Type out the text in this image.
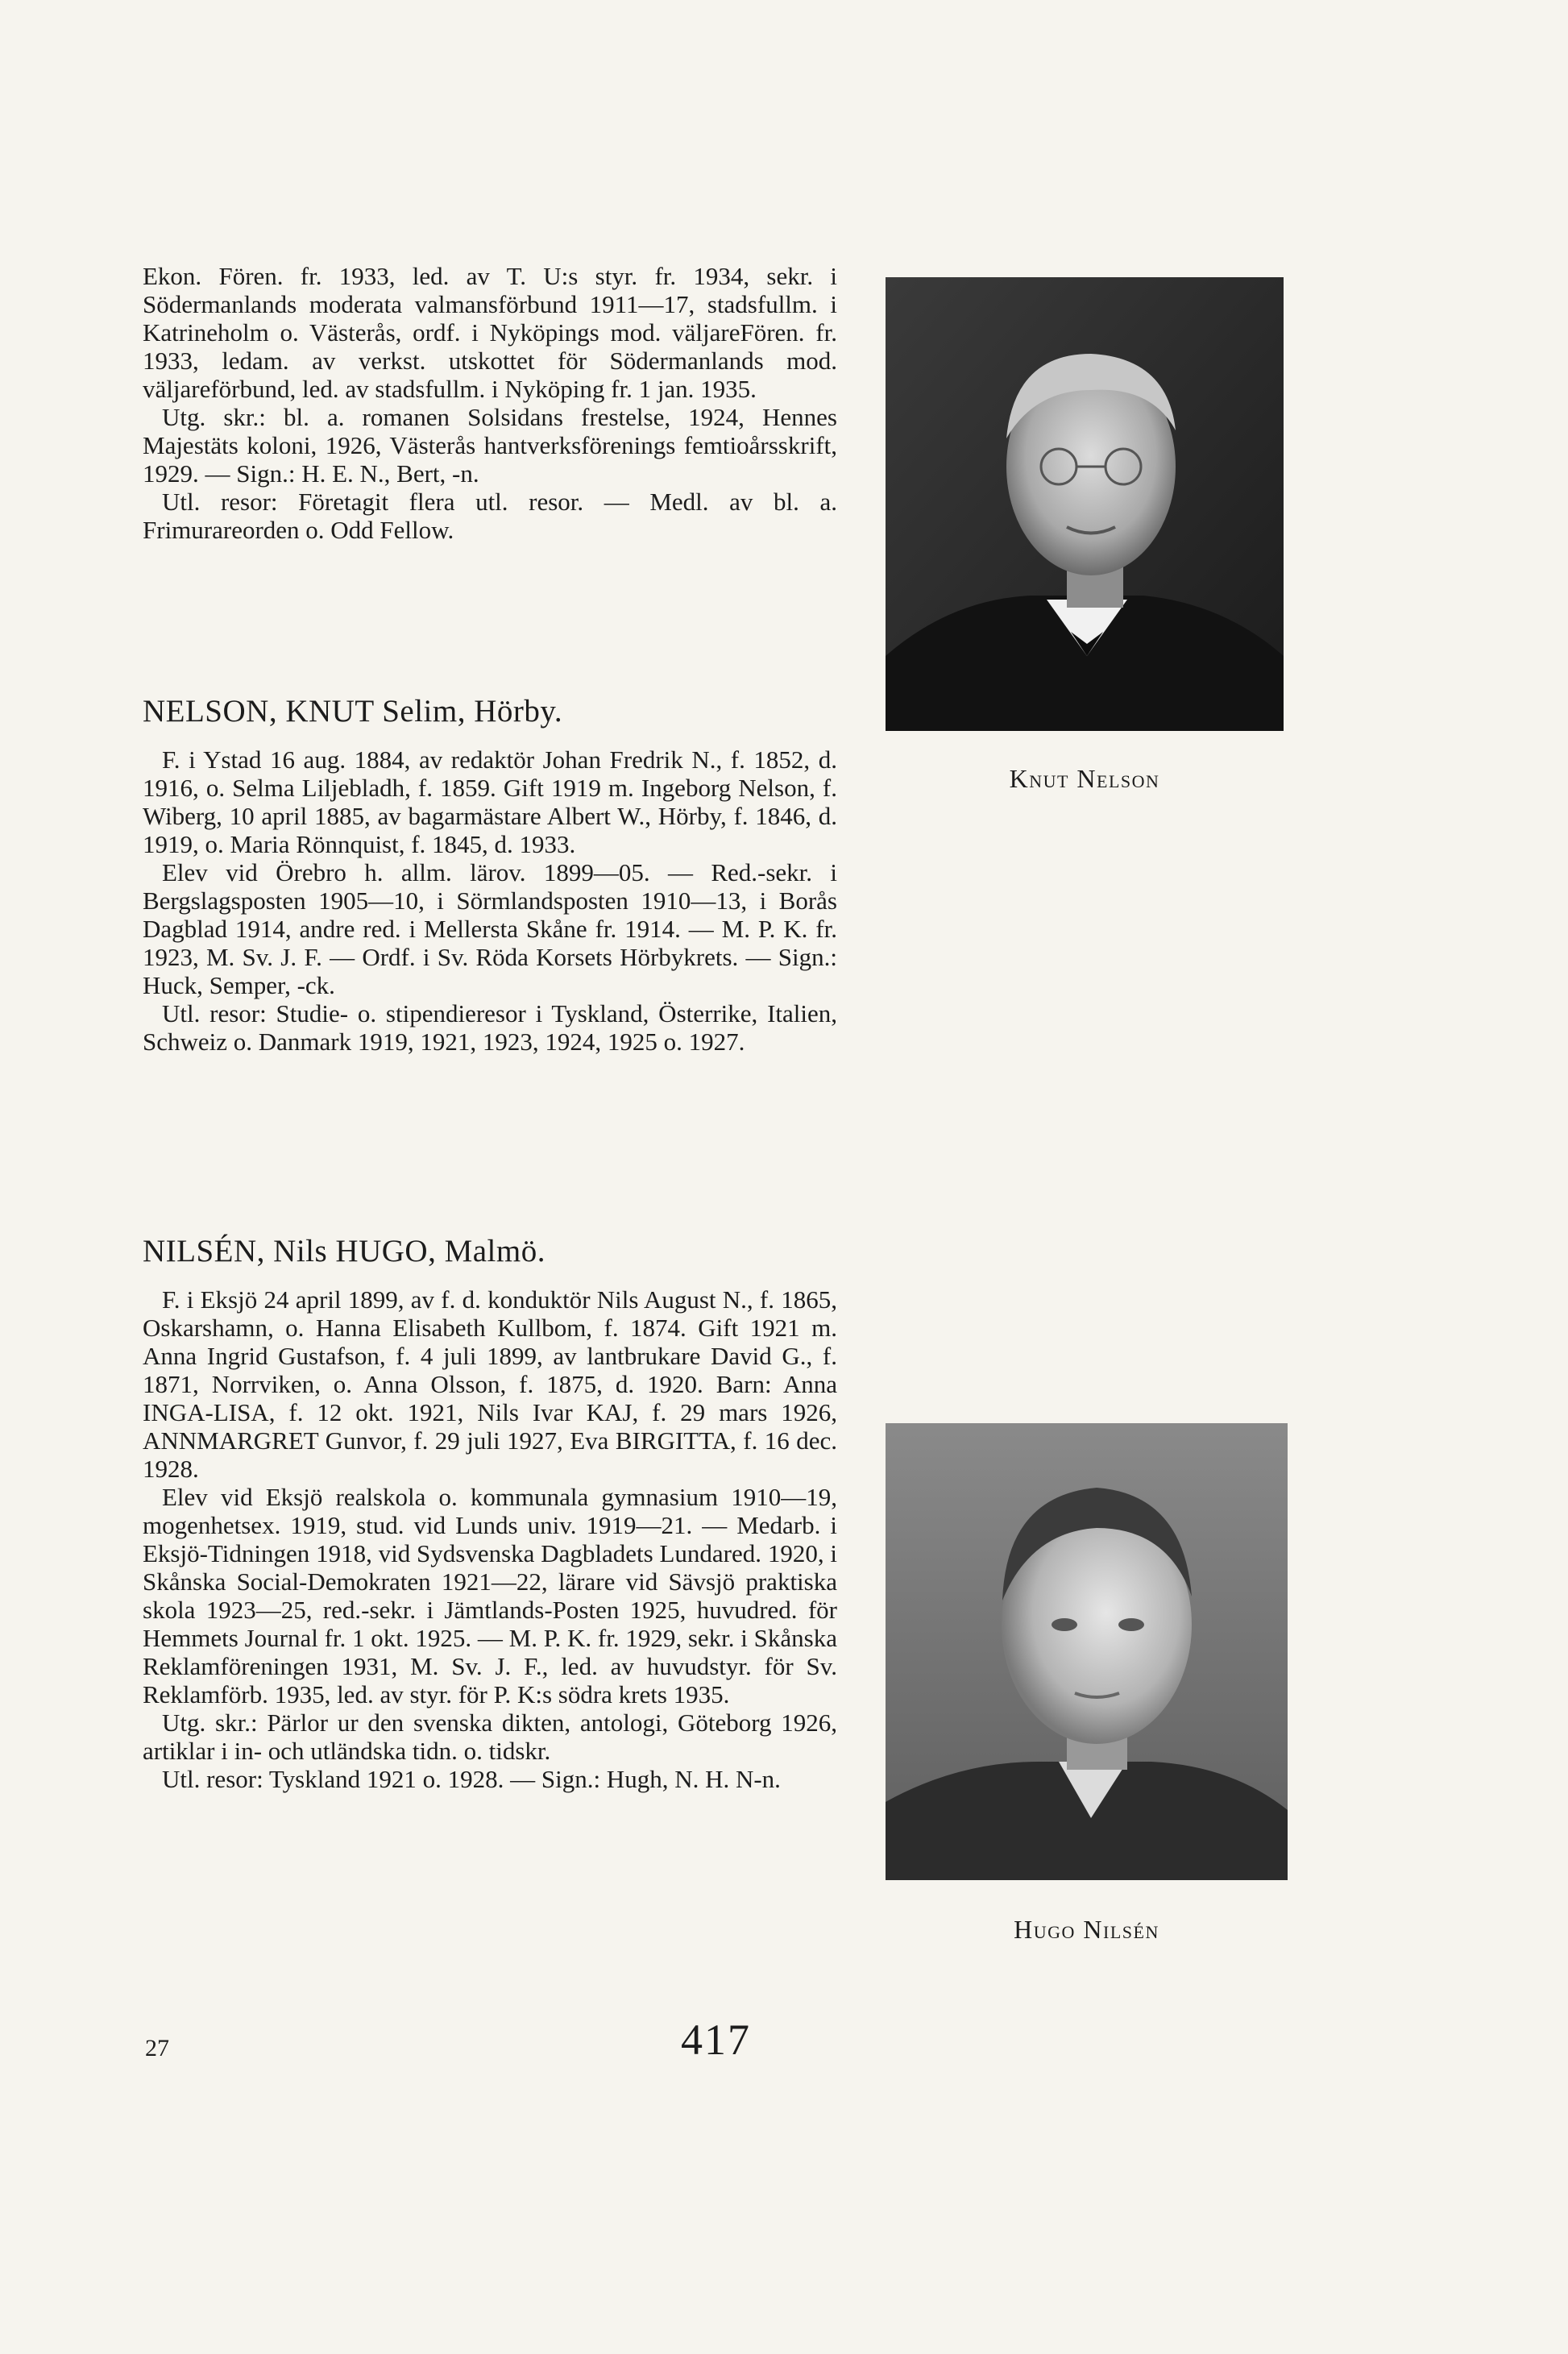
Ekon. Fören. fr. 1933, led. av T. U:s styr. fr. 1934, sekr. i Södermanlands moderata valmansförbund 1911—17, stadsfullm. i Katrineholm o. Västerås, ordf. i Nyköpings mod. väljareFören. fr. 1933, ledam. av verkst. utskottet för Södermanlands mod. väljareförbund, led. av stadsfullm. i Nyköping fr. 1 jan. 1935.

Utg. skr.: bl. a. romanen Solsidans frestelse, 1924, Hennes Majestäts koloni, 1926, Västerås hantverksförenings femtioårsskrift, 1929. — Sign.: H. E. N., Bert, -n.

Utl. resor: Företagit flera utl. resor. — Medl. av bl. a. Frimurareorden o. Odd Fellow.

Knut Nelson
NELSON, KNUT Selim, Hörby.

F. i Ystad 16 aug. 1884, av redaktör Johan Fredrik N., f. 1852, d. 1916, o. Selma Liljebladh, f. 1859. Gift 1919 m. Ingeborg Nelson, f. Wiberg, 10 april 1885, av bagarmästare Albert W., Hörby, f. 1846, d. 1919, o. Maria Rönnquist, f. 1845, d. 1933.

Elev vid Örebro h. allm. lärov. 1899—05. — Red.-sekr. i Bergslagsposten 1905—10, i Sörmlandsposten 1910—13, i Borås Dagblad 1914, andre red. i Mellersta Skåne fr. 1914. — M. P. K. fr. 1923, M. Sv. J. F. — Ordf. i Sv. Röda Korsets Hörbykrets. — Sign.: Huck, Semper, -ck.

Utl. resor: Studie- o. stipendieresor i Tyskland, Österrike, Italien, Schweiz o. Danmark 1919, 1921, 1923, 1924, 1925 o. 1927.

NILSÉN, Nils HUGO, Malmö.

F. i Eksjö 24 april 1899, av f. d. konduktör Nils August N., f. 1865, Oskarshamn, o. Hanna Elisabeth Kullbom, f. 1874. Gift 1921 m. Anna Ingrid Gustafson, f. 4 juli 1899, av lantbrukare David G., f. 1871, Norrviken, o. Anna Olsson, f. 1875, d. 1920. Barn: Anna INGA-LISA, f. 12 okt. 1921, Nils Ivar KAJ, f. 29 mars 1926, ANNMARGRET Gunvor, f. 29 juli 1927, Eva BIRGITTA, f. 16 dec. 1928.

Elev vid Eksjö realskola o. kommunala gymnasium 1910—19, mogenhetsex. 1919, stud. vid Lunds univ. 1919—21. — Medarb. i Eksjö-Tidningen 1918, vid Sydsvenska Dagbladets Lundared. 1920, i Skånska Social-Demokraten 1921—22, lärare vid Sävsjö praktiska skola 1923—25, red.-sekr. i Jämtlands-Posten 1925, huvudred. för Hemmets Journal fr. 1 okt. 1925. — M. P. K. fr. 1929, sekr. i Skånska Reklamföreningen 1931, M. Sv. J. F., led. av huvudstyr. för Sv. Reklamförb. 1935, led. av styr. för P. K:s södra krets 1935.

Utg. skr.: Pärlor ur den svenska dikten, antologi, Göteborg 1926, artiklar i in- och utländska tidn. o. tidskr.

Utl. resor: Tyskland 1921 o. 1928. — Sign.: Hugh, N. H. N-n.

Hugo Nilsén
27	417
